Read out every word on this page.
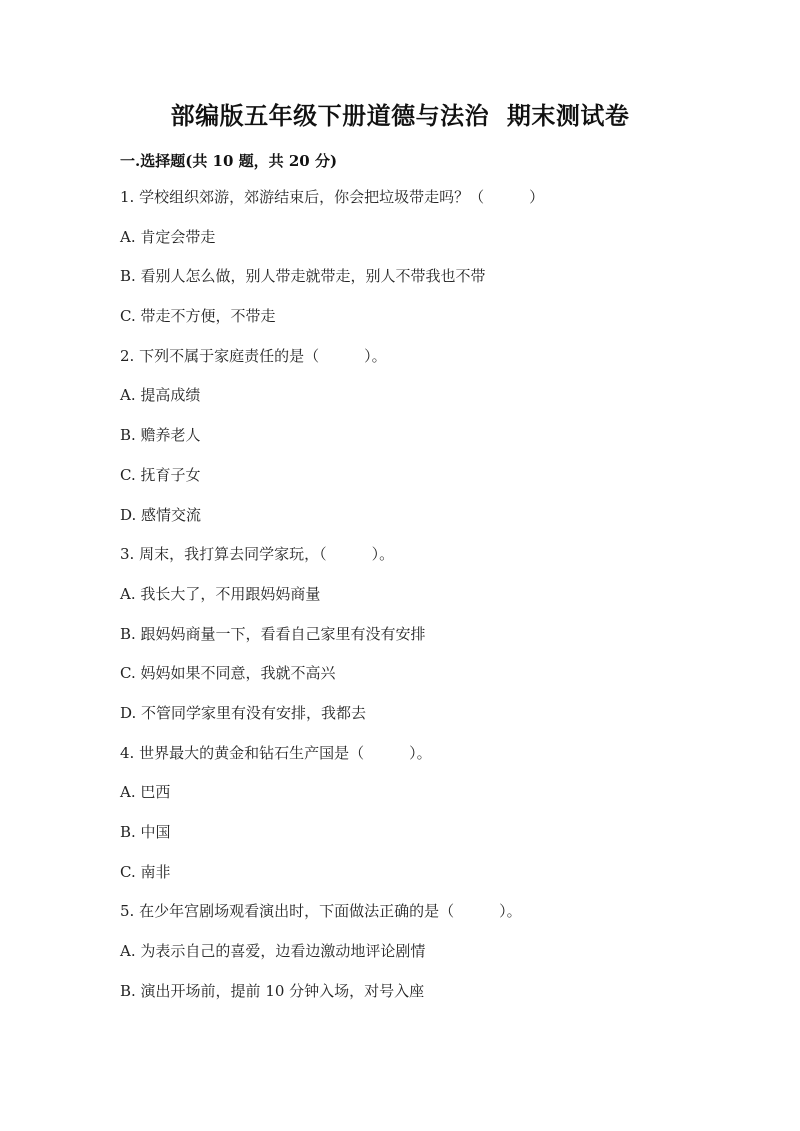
部编版五年级下册道德与法治  期末测试卷
一.选择题(共 10 题，共 20 分)
1. 学校组织郊游，郊游结束后，你会把垃圾带走吗？（　　　）
A. 肯定会带走
B. 看别人怎么做，别人带走就带走，别人不带我也不带
C. 带走不方便，不带走
2. 下列不属于家庭责任的是（　　　）。
A. 提高成绩
B. 赡养老人
C. 抚育子女
D. 感情交流
3. 周末，我打算去同学家玩，（　　　）。
A. 我长大了，不用跟妈妈商量
B. 跟妈妈商量一下，看看自己家里有没有安排
C. 妈妈如果不同意，我就不高兴
D. 不管同学家里有没有安排，我都去
4. 世界最大的黄金和钻石生产国是（　　　）。
A. 巴西
B. 中国
C. 南非
5. 在少年宫剧场观看演出时，下面做法正确的是（　　　）。
A. 为表示自己的喜爱，边看边激动地评论剧情
B. 演出开场前，提前 10 分钟入场，对号入座
